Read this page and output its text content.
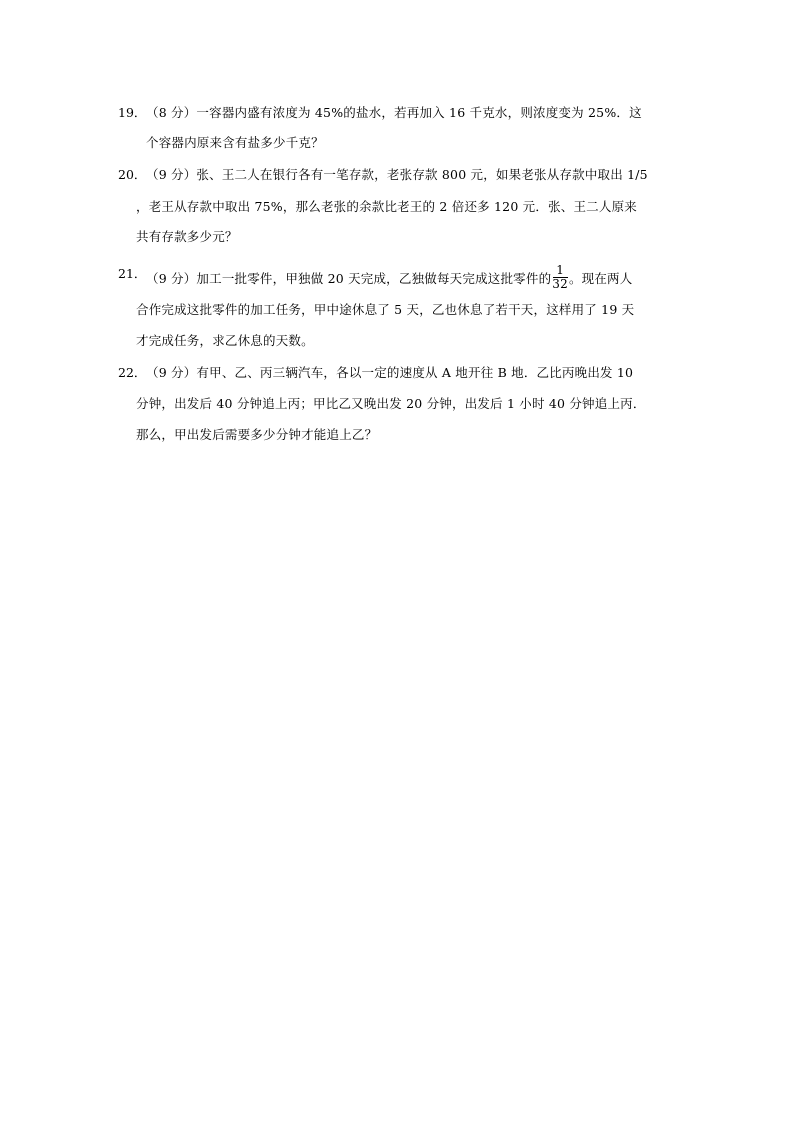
19． （8 分）一容器内盛有浓度为 45%的盐水，若再加入 16 千克水，则浓度变为 25%．这
个容器内原来含有盐多少千克？
20． （9 分）张、王二人在银行各有一笔存款，老张存款 800 元，如果老张从存款中取出 1/5
，老王从存款中取出 75%，那么老张的余款比老王的 2 倍还多 120 元．张、王二人原来
共有存款多少元？
21． （9 分）加工一批零件，甲独做 20 天完成，乙独做每天完成这批零件的 $\frac{1}{32}$ 。现在两人
合作完成这批零件的加工任务，甲中途休息了 5 天，乙也休息了若干天，这样用了 19 天
才完成任务，求乙休息的天数。
22． （9 分）有甲、乙、丙三辆汽车，各以一定的速度从 A 地开往 B 地．乙比丙晚出发 10
分钟，出发后 40 分钟追上丙；甲比乙又晚出发 20 分钟，出发后 1 小时 40 分钟追上丙．
那么，甲出发后需要多少分钟才能追上乙？
